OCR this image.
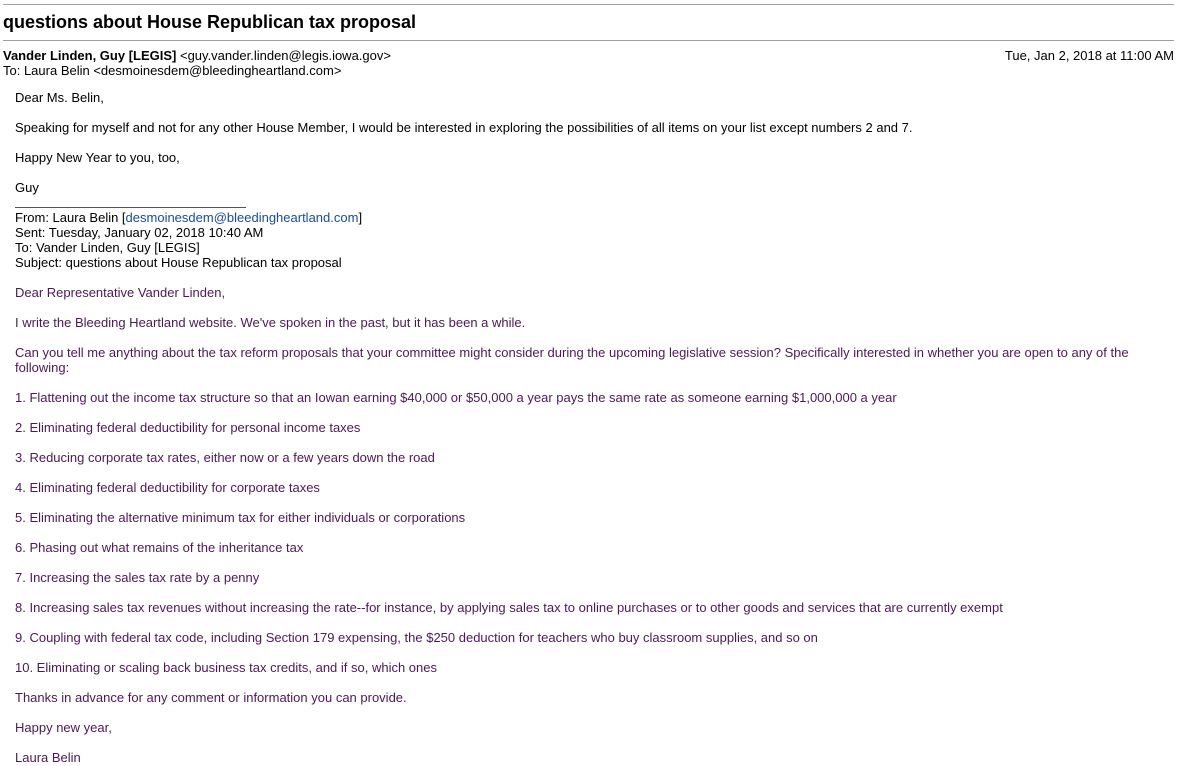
questions about House Republican tax proposal
Vander Linden, Guy [LEGIS] <guy.vander.linden@legis.iowa.gov>	Tue, Jan 2, 2018 at 11:00 AM
To: Laura Belin <desmoinesdem@bleedingheartland.com>
Dear Ms. Belin,
Speaking for myself and not for any other House Member, I would be interested in exploring the possibilities of all items on your list except numbers 2 and 7.
Happy New Year to you, too,
Guy
From: Laura Belin [desmoinesdem@bleedingheartland.com]
Sent: Tuesday, January 02, 2018 10:40 AM
To: Vander Linden, Guy [LEGIS]
Subject: questions about House Republican tax proposal
Dear Representative Vander Linden,
I write the Bleeding Heartland website. We've spoken in the past, but it has been a while.
Can you tell me anything about the tax reform proposals that your committee might consider during the upcoming legislative session? Specifically interested in whether you are open to any of the following:
1. Flattening out the income tax structure so that an Iowan earning $40,000 or $50,000 a year pays the same rate as someone earning $1,000,000 a year
2. Eliminating federal deductibility for personal income taxes
3. Reducing corporate tax rates, either now or a few years down the road
4. Eliminating federal deductibility for corporate taxes
5. Eliminating the alternative minimum tax for either individuals or corporations
6. Phasing out what remains of the inheritance tax
7. Increasing the sales tax rate by a penny
8. Increasing sales tax revenues without increasing the rate--for instance, by applying sales tax to online purchases or to other goods and services that are currently exempt
9. Coupling with federal tax code, including Section 179 expensing, the $250 deduction for teachers who buy classroom supplies, and so on
10. Eliminating or scaling back business tax credits, and if so, which ones
Thanks in advance for any comment or information you can provide.
Happy new year,
Laura Belin
